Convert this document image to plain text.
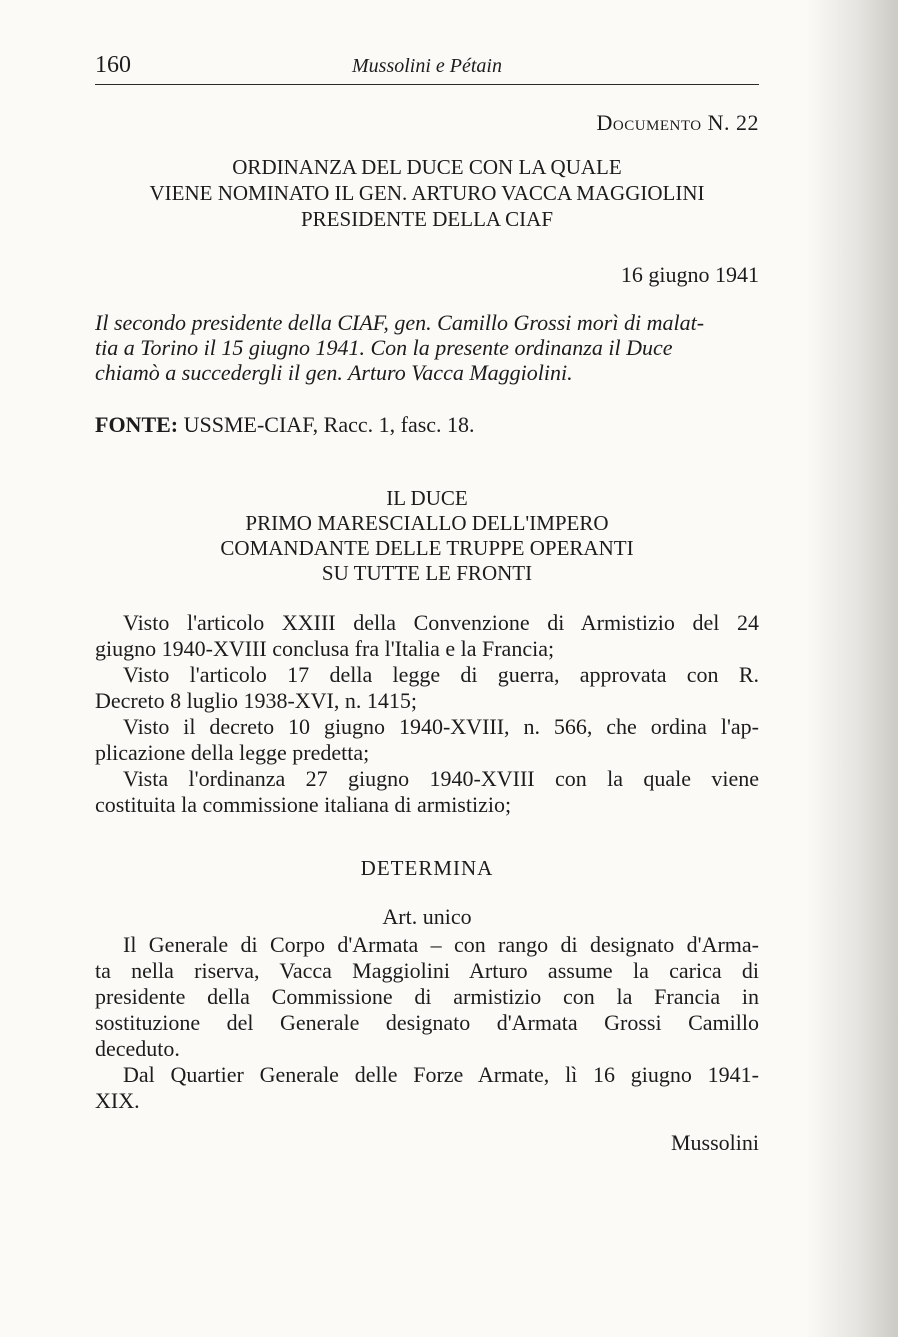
160	Mussolini e Pétain
Documento N. 22
ORDINANZA DEL DUCE CON LA QUALE
VIENE NOMINATO IL GEN. ARTURO VACCA MAGGIOLINI
PRESIDENTE DELLA CIAF
16 giugno 1941
Il secondo presidente della CIAF, gen. Camillo Grossi morì di malat-
tia a Torino il 15 giugno 1941. Con la presente ordinanza il Duce
chiamò a succedergli il gen. Arturo Vacca Maggiolini.
FONTE: USSME-CIAF, Racc. 1, fasc. 18.
IL DUCE
PRIMO MARESCIALLO DELL'IMPERO
COMANDANTE DELLE TRUPPE OPERANTI
SU TUTTE LE FRONTI
Visto l'articolo XXIII della Convenzione di Armistizio del 24
giugno 1940-XVIII conclusa fra l'Italia e la Francia;
Visto l'articolo 17 della legge di guerra, approvata con R.
Decreto 8 luglio 1938-XVI, n. 1415;
Visto il decreto 10 giugno 1940-XVIII, n. 566, che ordina l'ap-
plicazione della legge predetta;
Vista l'ordinanza 27 giugno 1940-XVIII con la quale viene
costituita la commissione italiana di armistizio;
DETERMINA
Art. unico
Il Generale di Corpo d'Armata – con rango di designato d'Arma-
ta nella riserva, Vacca Maggiolini Arturo assume la carica di
presidente della Commissione di armistizio con la Francia in
sostituzione del Generale designato d'Armata Grossi Camillo
deceduto.
Dal Quartier Generale delle Forze Armate, lì 16 giugno 1941-
XIX.
Mussolini
